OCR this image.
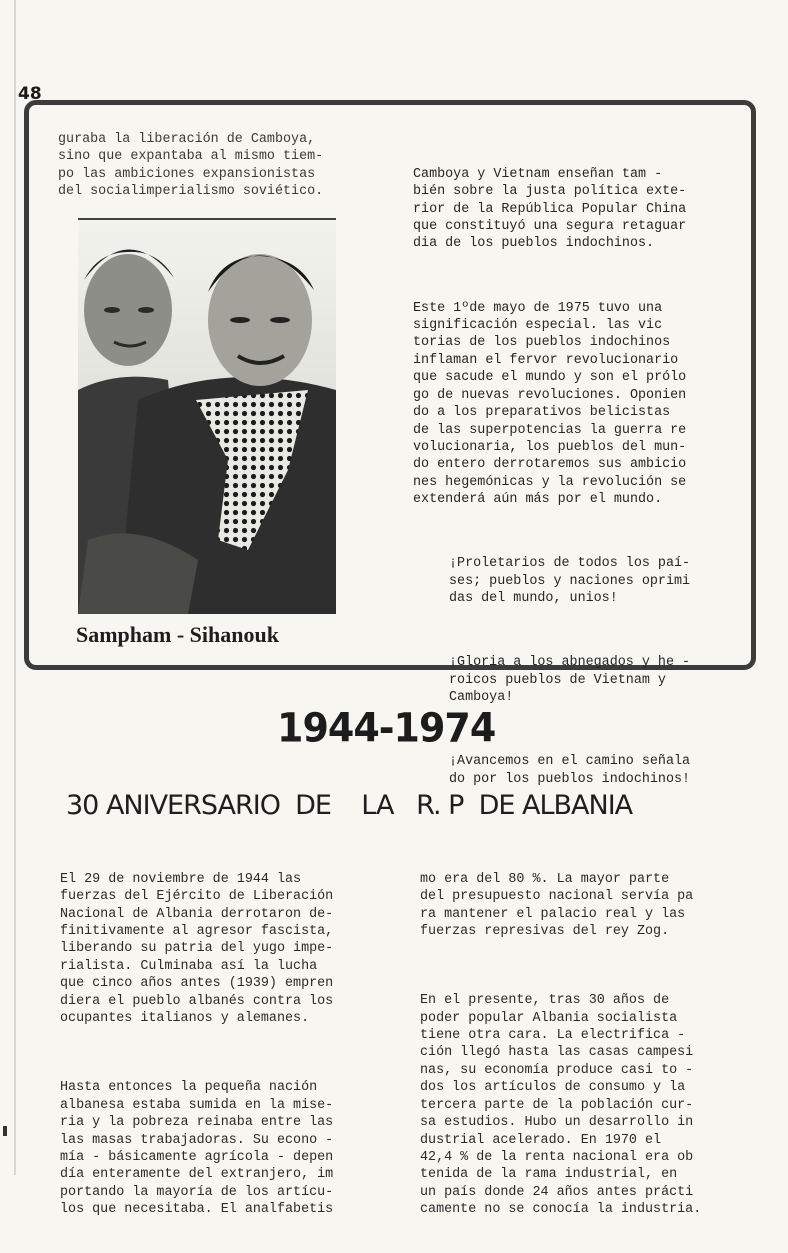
48

guraba la liberación de Camboya,
sino que expantaba al mismo tiem-
po las ambiciones expansionistas
del socialimperialismo soviético.

Sampham - Sihanouk

Camboya y Vietnam enseñan tam -
bién sobre la justa política exte-
rior de la República Popular China
que constituyó una segura retaguar
dia de los pueblos indochinos.

Este 1ºde mayo de 1975 tuvo una
significación especial. las vic
torias de los pueblos indochinos
inflaman el fervor revolucionario
que sacude el mundo y son el prólo
go de nuevas revoluciones. Oponien
do a los preparativos belicistas
de las superpotencias la guerra re
volucionaria, los pueblos del mun-
do entero derrotaremos sus ambicio
nes hegemónicas y la revolución se
extenderá aún más por el mundo.

¡Proletarios de todos los paí-
ses; pueblos y naciones oprimi
das del mundo, unios!

¡Gloria a los abnegados y he -
roicos pueblos de Vietnam y
Camboya!

¡Avancemos en el camino señala
do por los pueblos indochinos!

1944-1974
30 ANIVERSARIO  DE    LA   R. P  DE ALBANIA

El 29 de noviembre de 1944 las
fuerzas del Ejército de Liberación
Nacional de Albania derrotaron de-
finitivamente al agresor fascista,
liberando su patria del yugo impe-
rialista. Culminaba así la lucha
que cinco años antes (1939) empren
diera el pueblo albanés contra los
ocupantes italianos y alemanes.

Hasta entonces la pequeña nación
albanesa estaba sumida en la mise-
ria y la pobreza reinaba entre las
las masas trabajadoras. Su econo -
mía - básicamente agrícola - depen
día enteramente del extranjero, im
portando la mayoría de los artícu-
los que necesitaba. El analfabetis

mo era del 80 %. La mayor parte
del presupuesto nacional servía pa
ra mantener el palacio real y las
fuerzas represivas del rey Zog.

En el presente, tras 30 años de
poder popular Albania socialista
tiene otra cara. La electrifica -
ción llegó hasta las casas campesi
nas, su economía produce casi to -
dos los artículos de consumo y la
tercera parte de la población cur-
sa estudios. Hubo un desarrollo in
dustrial acelerado. En 1970 el
42,4 % de la renta nacional era ob
tenida de la rama industrial, en
un país donde 24 años antes prácti
camente no se conocía la industria.
